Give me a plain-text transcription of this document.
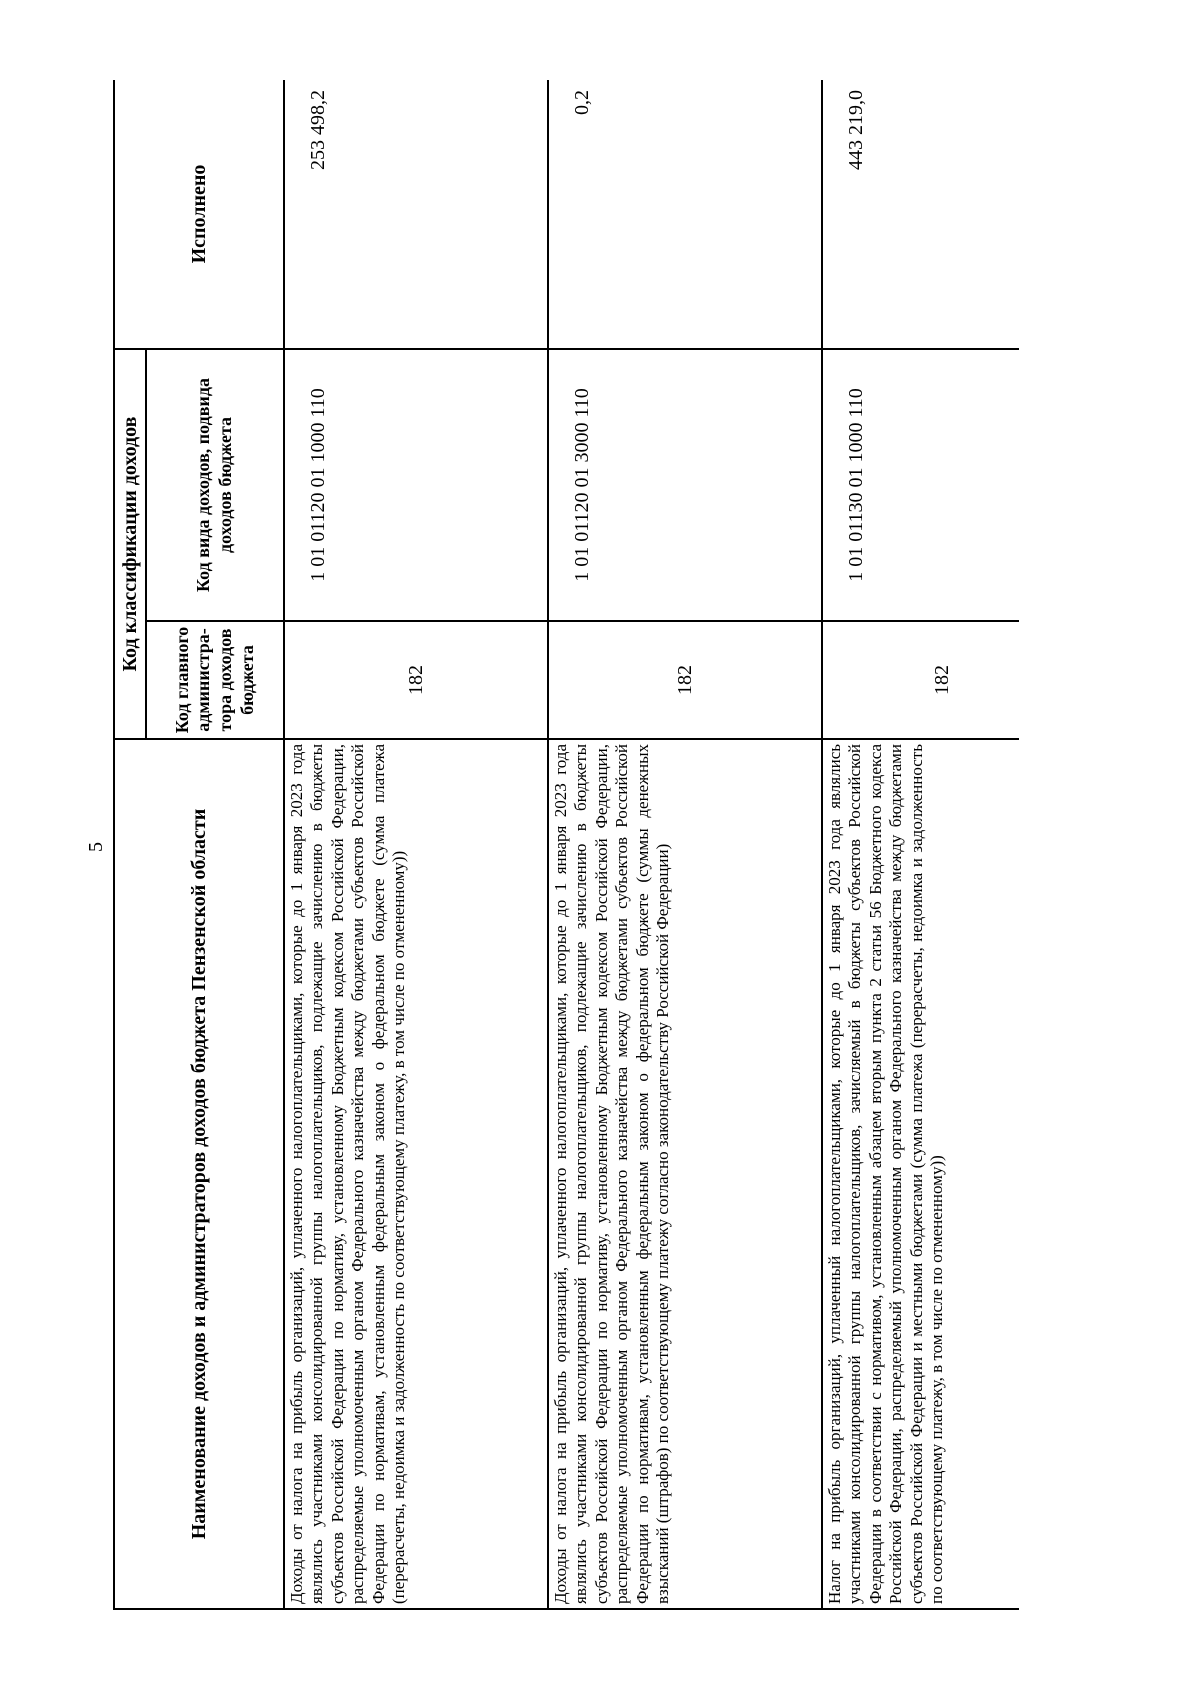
5	Наименование доходов и администраторов доходов бюджета Пензенской области	Код классификации доходов		Исполнено
	Код главного администра-тора доходов бюджета	Код вида доходов, подвида доходов бюджета	
Доходы от налога на прибыль организаций, уплаченного налогоплательщиками, которые до 1 января 2023 года являлись участниками консолидированной группы налогоплательщиков, подлежащие зачислению в бюджеты субъектов Российской Федерации по нормативу, установленному Бюджетным кодексом Российской Федерации, распределяемые уполномоченным органом Федерального казначейства между бюджетами субъектов Российской Федерации по нормативам, установленным федеральным законом о федеральном бюджете (сумма платежа (перерасчеты, недоимка и задолженность по соответствующему платежу, в том числе по отмененному))	182	1 01 01120 01 1000 110	253 498,2
Доходы от налога на прибыль организаций, уплаченного налогоплательщиками, которые до 1 января 2023 года являлись участниками консолидированной группы налогоплательщиков, подлежащие зачислению в бюджеты субъектов Российской Федерации по нормативу, установленному Бюджетным кодексом Российской Федерации, распределяемые уполномоченным органом Федерального казначейства между бюджетами субъектов Российской Федерации по нормативам, установленным федеральным законом о федеральном бюджете (суммы денежных взысканий (штрафов) по соответствующему платежу согласно законодательству Российской Федерации)	182	1 01 01120 01 3000 110	0,2
Налог на прибыль организаций, уплаченный налогоплательщиками, которые до 1 января 2023 года являлись участниками консолидированной группы налогоплательщиков, зачисляемый в бюджеты субъектов Российской Федерации в соответствии с нормативом, установленным абзацем вторым пункта 2 статьи 56 Бюджетного кодекса Российской Федерации, распределяемый уполномоченным органом Федерального казначейства между бюджетами субъектов Российской Федерации и местными бюджетами (сумма платежа (перерасчеты, недоимка и задолженность по соответствующему платежу, в том числе по отмененному))	182	1 01 01130 01 1000 110	443 219,0
